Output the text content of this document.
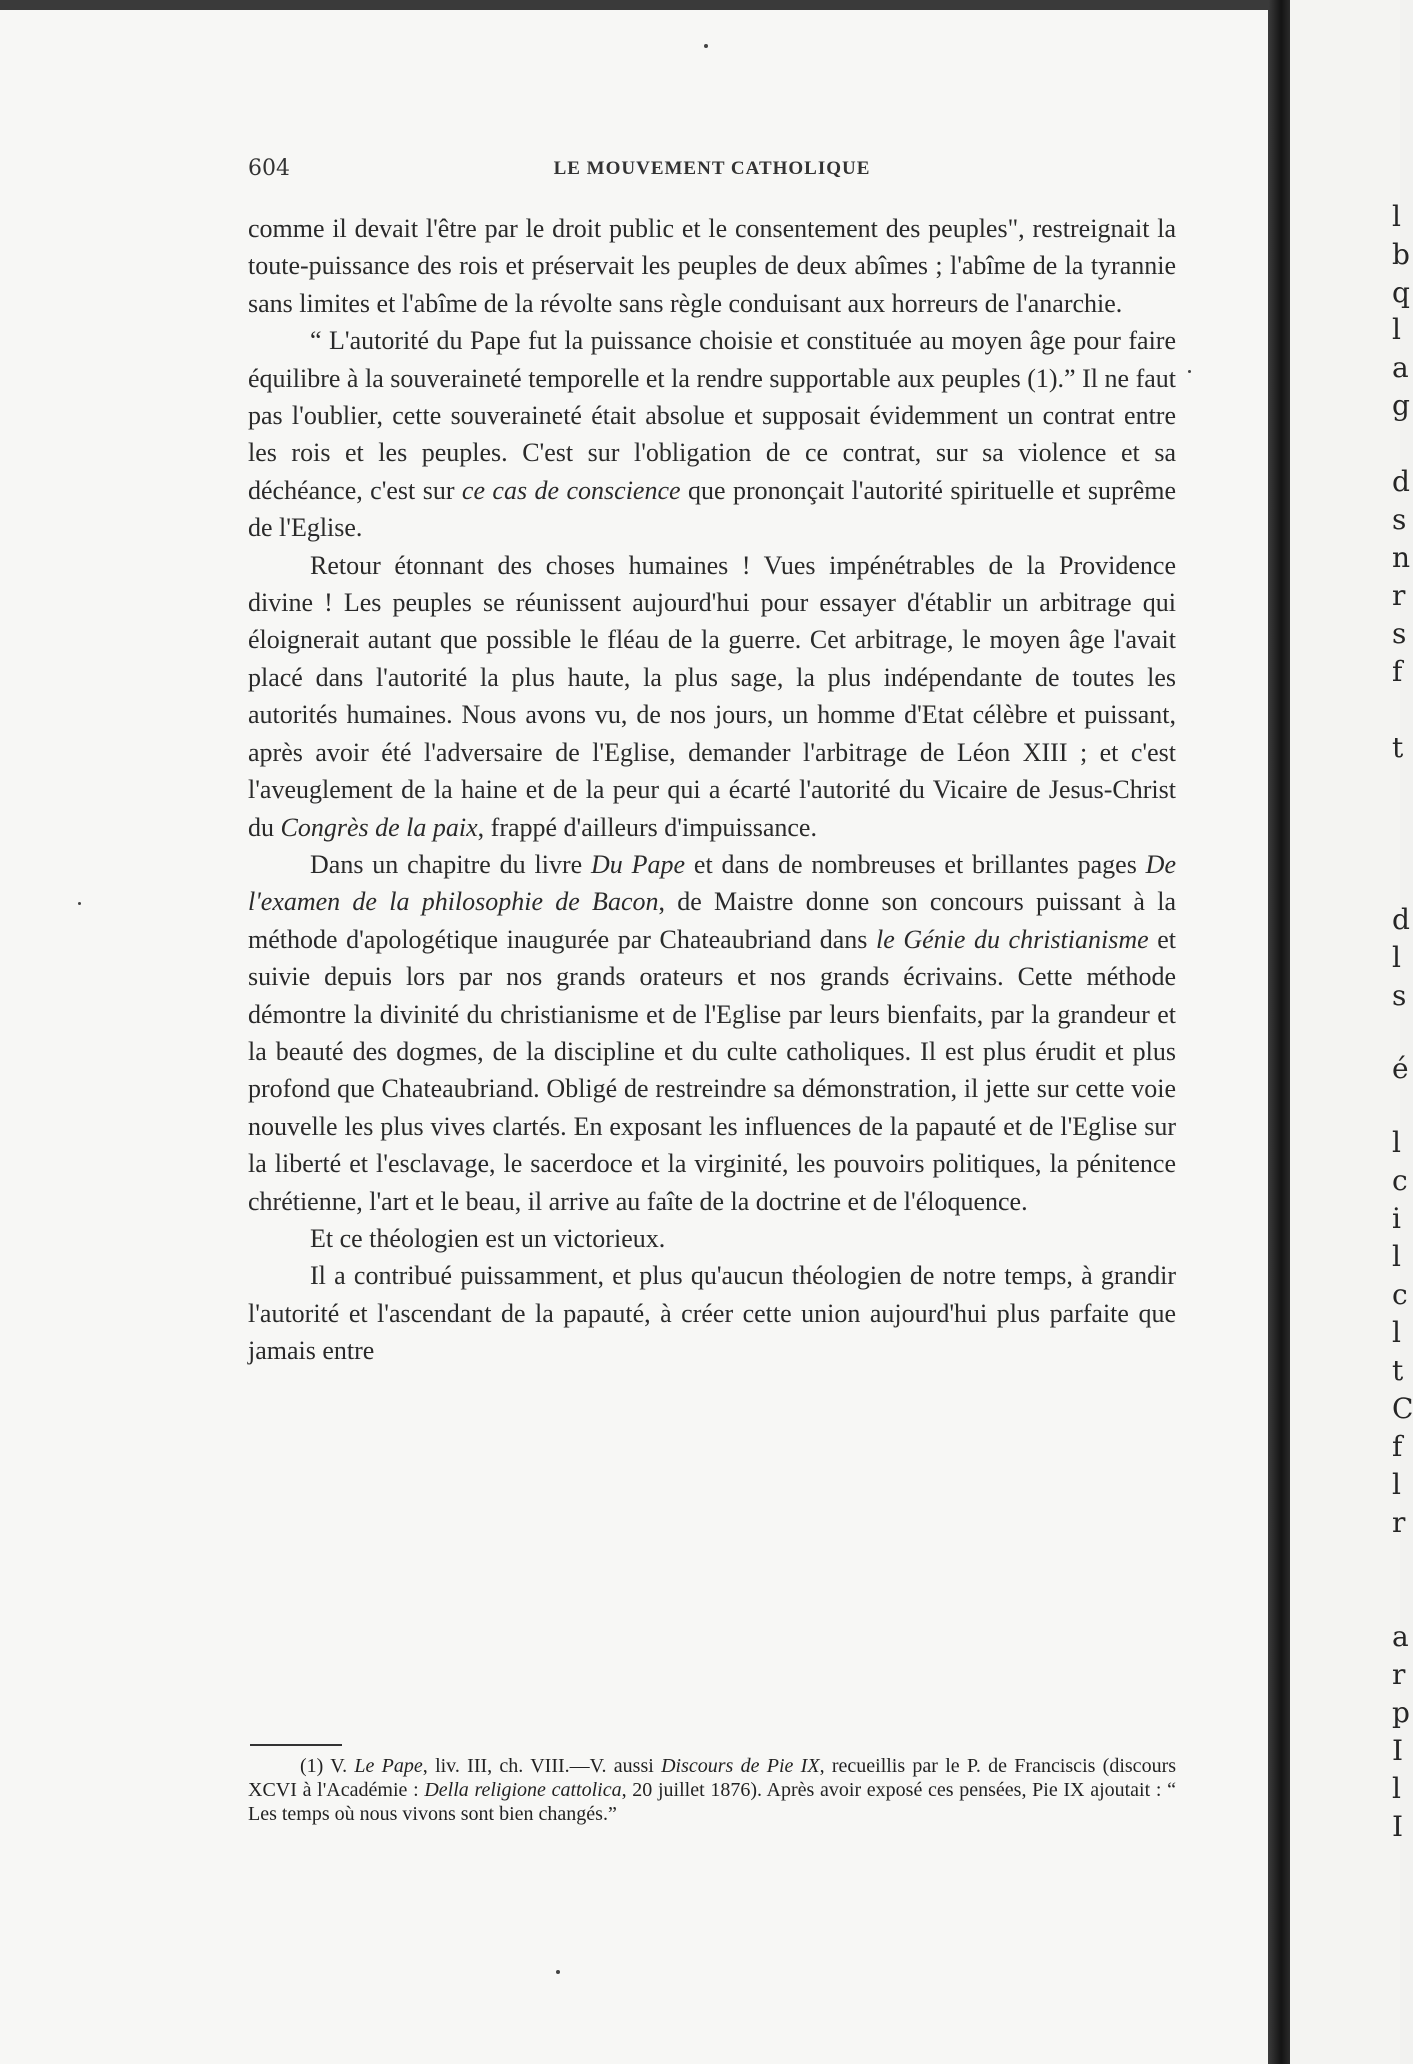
604	LE MOUVEMENT CATHOLIQUE

comme il devait l'être par le droit public et le consentement des peuples", restreignait la toute-puissance des rois et préservait les peuples de deux abîmes ; l'abîme de la tyrannie sans limites et l'abîme de la révolte sans règle conduisant aux horreurs de l'anarchie.

“ L'autorité du Pape fut la puissance choisie et constituée au moyen âge pour faire équilibre à la souveraineté temporelle et la rendre supportable aux peuples (1).” Il ne faut pas l'oublier, cette souveraineté était absolue et supposait évidemment un contrat entre les rois et les peuples. C'est sur l'obligation de ce contrat, sur sa violence et sa déchéance, c'est sur ce cas de conscience que prononçait l'autorité spirituelle et suprême de l'Eglise.

Retour étonnant des choses humaines ! Vues impénétrables de la Providence divine ! Les peuples se réunissent aujourd'hui pour essayer d'établir un arbitrage qui éloignerait autant que possible le fléau de la guerre. Cet arbitrage, le moyen âge l'avait placé dans l'autorité la plus haute, la plus sage, la plus indépendante de toutes les autorités humaines. Nous avons vu, de nos jours, un homme d'Etat célèbre et puissant, après avoir été l'adversaire de l'Eglise, demander l'arbitrage de Léon XIII ; et c'est l'aveuglement de la haine et de la peur qui a écarté l'autorité du Vicaire de Jesus-Christ du Congrès de la paix, frappé d'ailleurs d'impuissance.

Dans un chapitre du livre Du Pape et dans de nombreuses et brillantes pages De l'examen de la philosophie de Bacon, de Maistre donne son concours puissant à la méthode d'apologétique inaugurée par Chateaubriand dans le Génie du christianisme et suivie depuis lors par nos grands orateurs et nos grands écrivains. Cette méthode démontre la divinité du christianisme et de l'Eglise par leurs bienfaits, par la grandeur et la beauté des dogmes, de la discipline et du culte catholiques. Il est plus érudit et plus profond que Chateaubriand. Obligé de restreindre sa démonstration, il jette sur cette voie nouvelle les plus vives clartés. En exposant les influences de la papauté et de l'Eglise sur la liberté et l'esclavage, le sacerdoce et la virginité, les pouvoirs politiques, la pénitence chrétienne, l'art et le beau, il arrive au faîte de la doctrine et de l'éloquence.

Et ce théologien est un victorieux.

Il a contribué puissamment, et plus qu'aucun théologien de notre temps, à grandir l'autorité et l'ascendant de la papauté, à créer cette union aujourd'hui plus parfaite que jamais entre

(1) V. Le Pape, liv. III, ch. VIII.—V. aussi Discours de Pie IX, recueillis par le P. de Franciscis (discours XCVI à l'Académie : Della religione cattolica, 20 juillet 1876). Après avoir exposé ces pensées, Pie IX ajoutait : “ Les temps où nous vivons sont bien changés.”

l
b
q
l
a
g
d
s
n
r
s
f
t
d
l
s
é
l
c
i
l
c
l
t
C
f
l
r
a
r
p
I
l
I
